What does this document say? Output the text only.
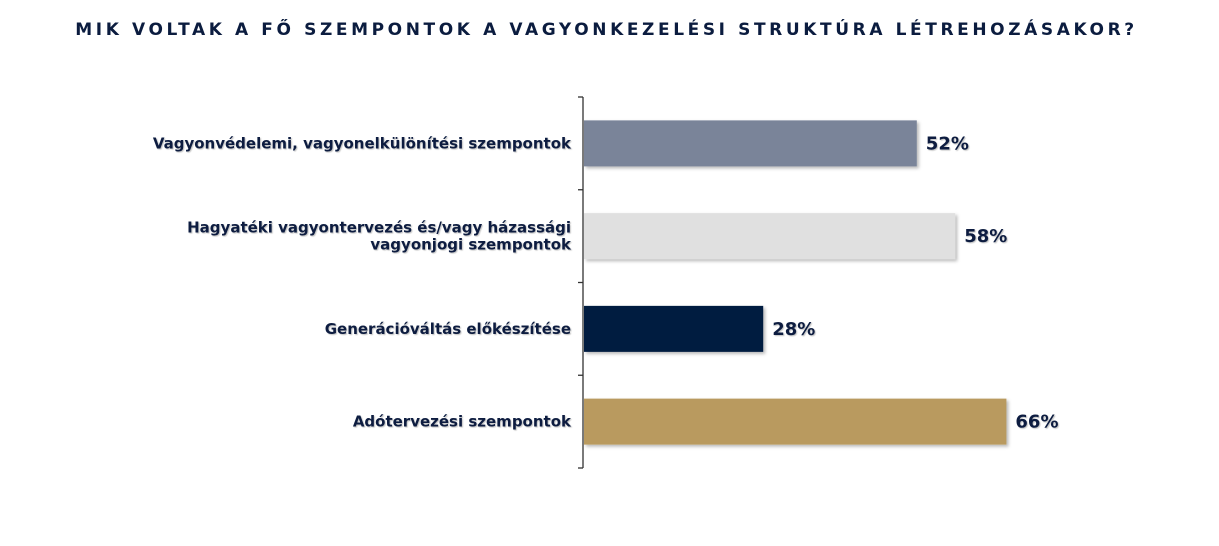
MIK VOLTAK A FŐ SZEMPONTOK A VAGYONKEZELÉSI STRUKTÚRA LÉTREHOZÁSAKOR?
52%
Vagyonvédelemi, vagyonelkülönítési szempontok
58%
Hagyatéki vagyontervezés és/vagy házassági vagyonjogi szempontok
28%
Generációváltás előkészítése
66%
Adótervezési szempontok
